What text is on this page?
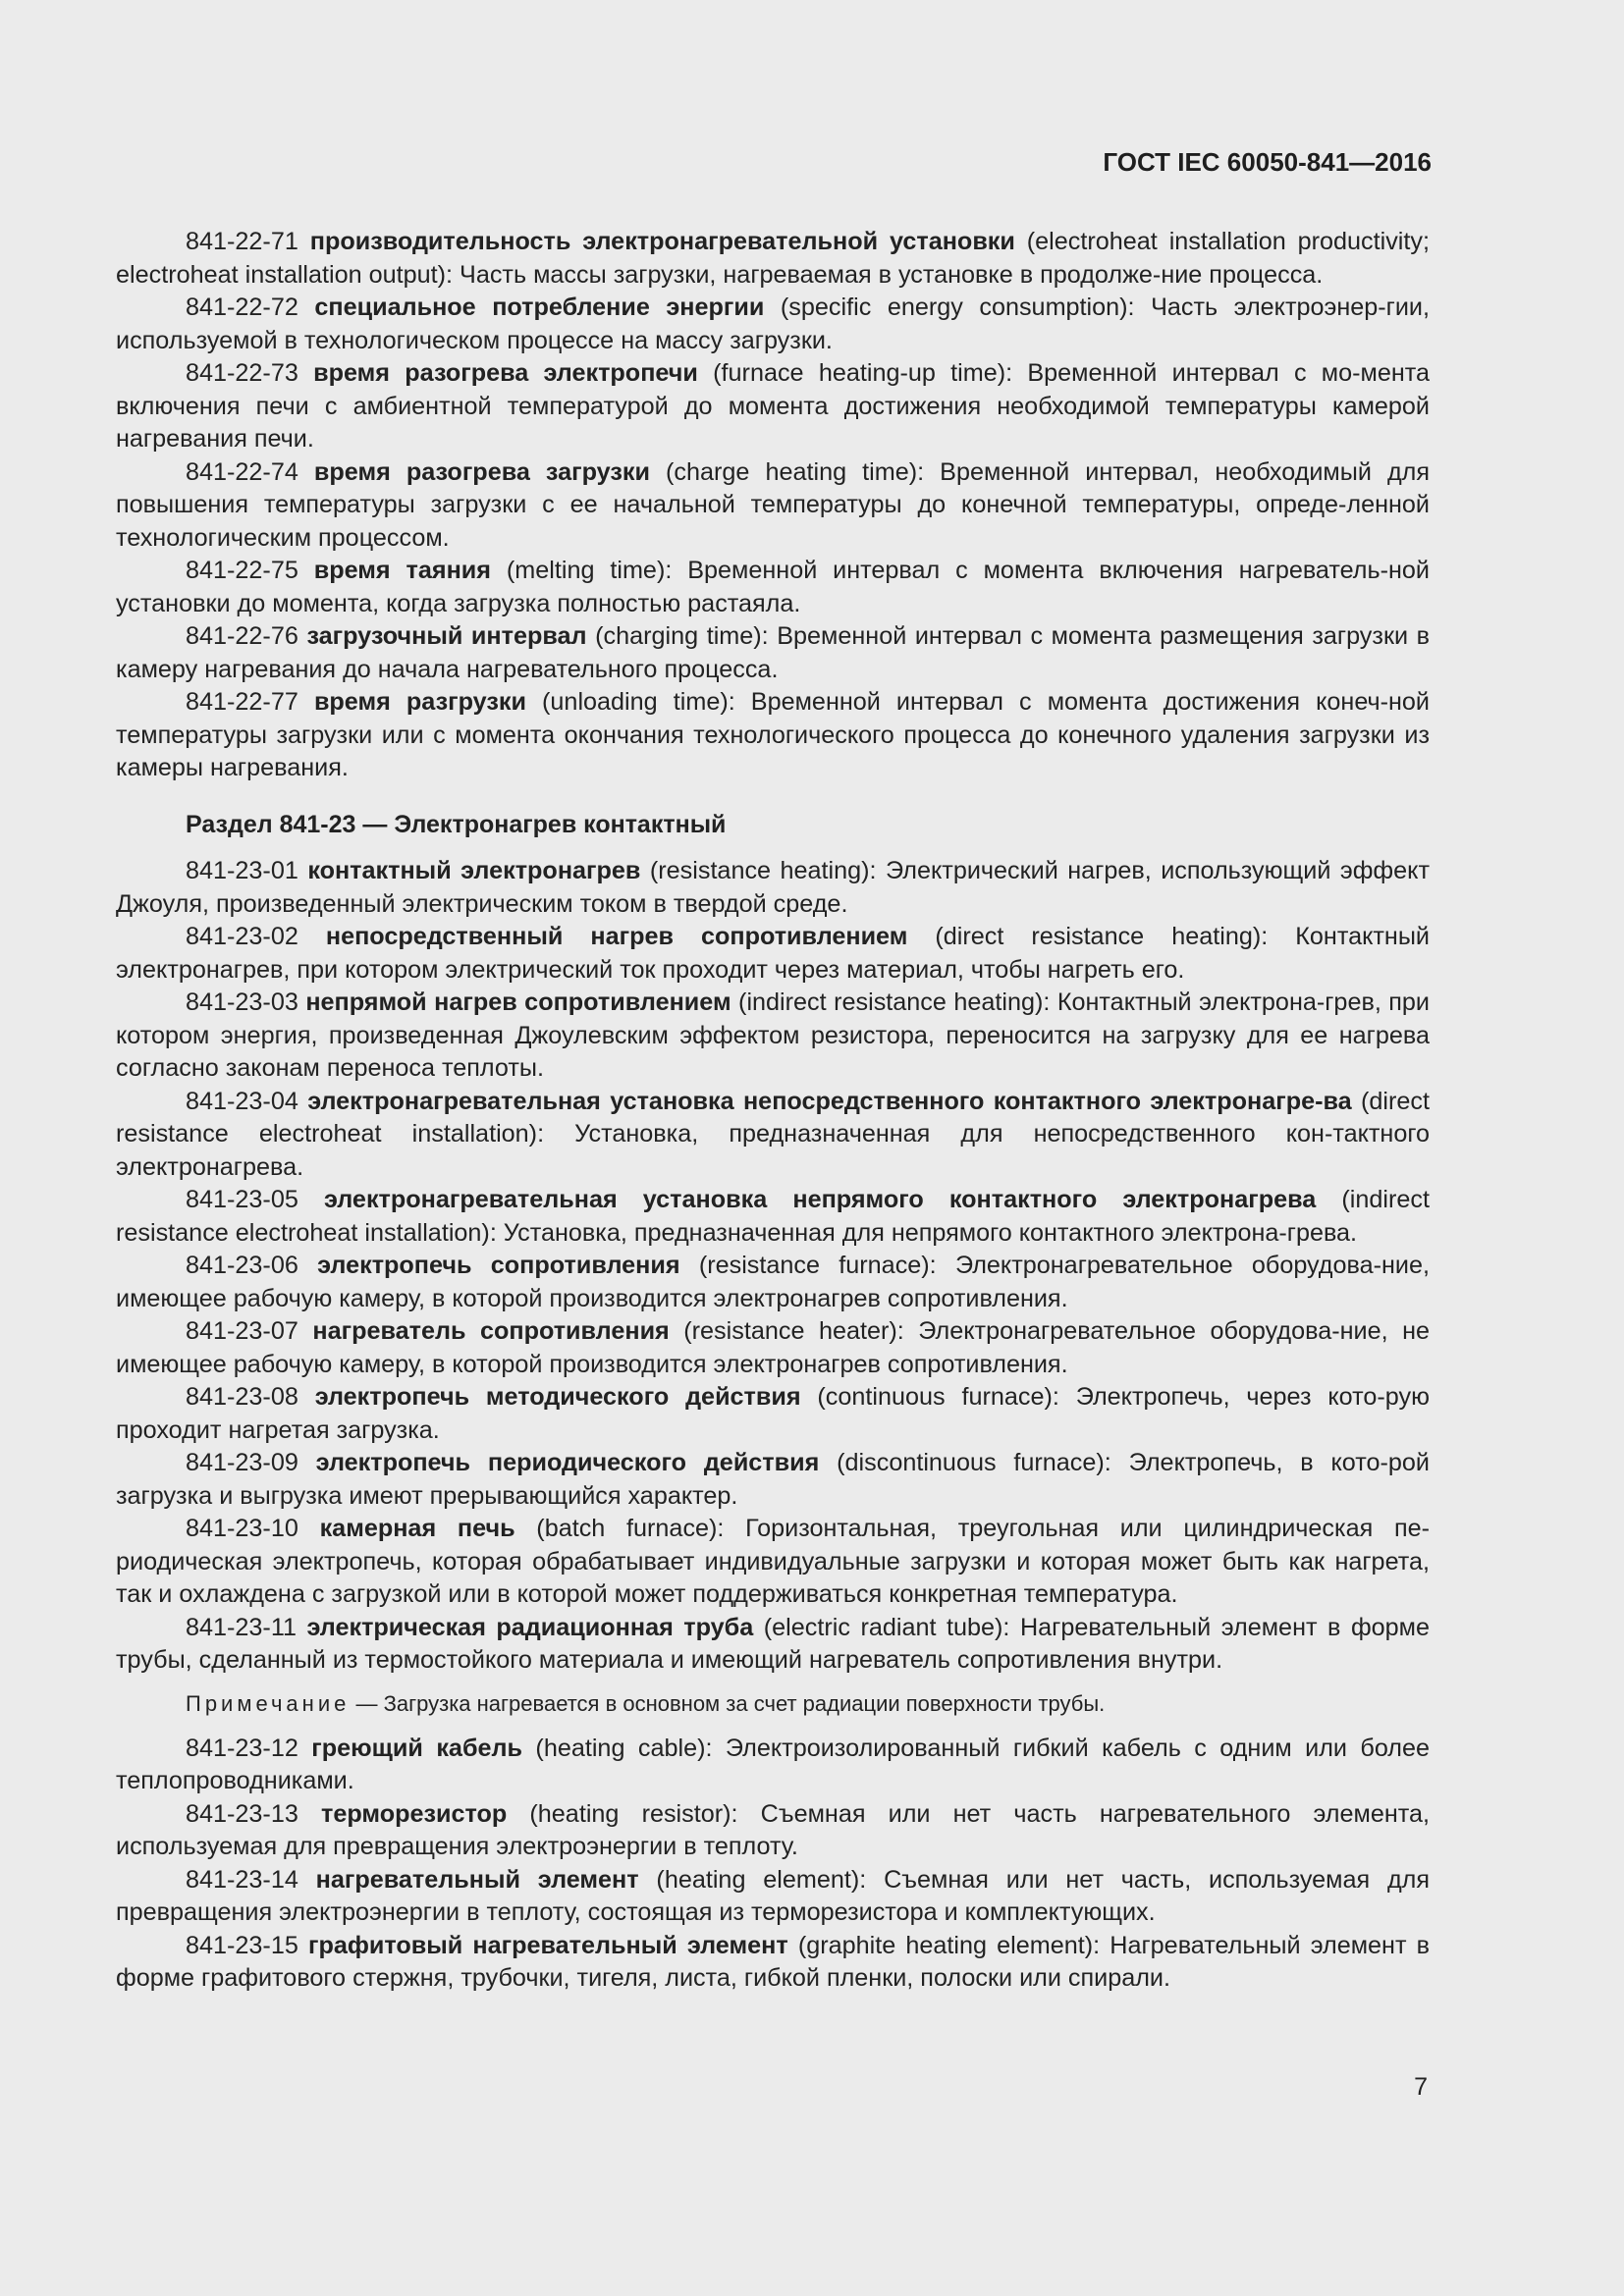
ГОСТ IEC 60050-841—2016

841-22-71 производительность электронагревательной установки (electroheat installation productivity; electroheat installation output): Часть массы загрузки, нагреваемая в установке в продолже-ние процесса.

841-22-72 специальное потребление энергии (specific energy consumption): Часть электроэнер-гии, используемой в технологическом процессе на массу загрузки.

841-22-73 время разогрева электропечи (furnace heating-up time): Временной интервал с мо-мента включения печи с амбиентной температурой до момента достижения необходимой температуры камерой нагревания печи.

841-22-74 время разогрева загрузки (charge heating time): Временной интервал, необходимый для повышения температуры загрузки с ее начальной температуры до конечной температуры, опреде-ленной технологическим процессом.

841-22-75 время таяния (melting time): Временной интервал с момента включения нагреватель-ной установки до момента, когда загрузка полностью растаяла.

841-22-76 загрузочный интервал (charging time): Временной интервал с момента размещения загрузки в камеру нагревания до начала нагревательного процесса.

841-22-77 время разгрузки (unloading time): Временной интервал с момента достижения конеч-ной температуры загрузки или с момента окончания технологического процесса до конечного удаления загрузки из камеры нагревания.

Раздел 841-23 — Электронагрев контактный

841-23-01 контактный электронагрев (resistance heating): Электрический нагрев, использующий эффект Джоуля, произведенный электрическим током в твердой среде.

841-23-02 непосредственный нагрев сопротивлением (direct resistance heating): Контактный электронагрев, при котором электрический ток проходит через материал, чтобы нагреть его.

841-23-03 непрямой нагрев сопротивлением (indirect resistance heating): Контактный электрона-грев, при котором энергия, произведенная Джоулевским эффектом резистора, переносится на загрузку для ее нагрева согласно законам переноса теплоты.

841-23-04 электронагревательная установка непосредственного контактного электронагре-ва (direct resistance electroheat installation): Установка, предназначенная для непосредственного кон-тактного электронагрева.

841-23-05 электронагревательная установка непрямого контактного электронагрева (indirect resistance electroheat installation): Установка, предназначенная для непрямого контактного электрона-грева.

841-23-06 электропечь сопротивления (resistance furnace): Электронагревательное оборудова-ние, имеющее рабочую камеру, в которой производится электронагрев сопротивления.

841-23-07 нагреватель сопротивления (resistance heater): Электронагревательное оборудова-ние, не имеющее рабочую камеру, в которой производится электронагрев сопротивления.

841-23-08 электропечь методического действия (continuous furnace): Электропечь, через кото-рую проходит нагретая загрузка.

841-23-09 электропечь периодического действия (discontinuous furnace): Электропечь, в кото-рой загрузка и выгрузка имеют прерывающийся характер.

841-23-10 камерная печь (batch furnace): Горизонтальная, треугольная или цилиндрическая пе-риодическая электропечь, которая обрабатывает индивидуальные загрузки и которая может быть как нагрета, так и охлаждена с загрузкой или в которой может поддерживаться конкретная температура.

841-23-11 электрическая радиационная труба (electric radiant tube): Нагревательный элемент в форме трубы, сделанный из термостойкого материала и имеющий нагреватель сопротивления внутри.

Примечание — Загрузка нагревается в основном за счет радиации поверхности трубы.

841-23-12 греющий кабель (heating cable): Электроизолированный гибкий кабель с одним или более теплопроводниками.

841-23-13 терморезистор (heating resistor): Съемная или нет часть нагревательного элемента, используемая для превращения электроэнергии в теплоту.

841-23-14 нагревательный элемент (heating element): Съемная или нет часть, используемая для превращения электроэнергии в теплоту, состоящая из терморезистора и комплектующих.

841-23-15 графитовый нагревательный элемент (graphite heating element): Нагревательный элемент в форме графитового стержня, трубочки, тигеля, листа, гибкой пленки, полоски или спирали.

7
